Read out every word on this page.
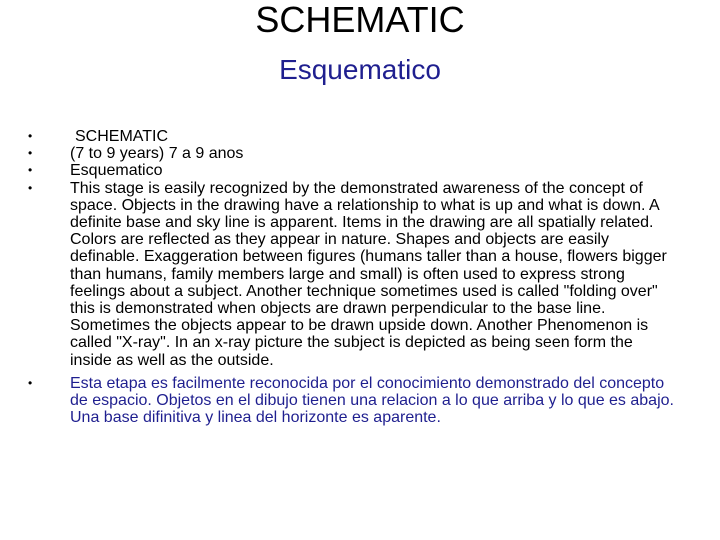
SCHEMATIC
Esquematico
•	SCHEMATIC
• (7 to 9 years) 7 a 9 anos
• Esquematico
• This stage is easily recognized by the demonstrated awareness of the concept of space. Objects in the drawing have a relationship to what is up and what is down. A definite base and sky line is apparent. Items in the drawing are all spatially related. Colors are reflected as they appear in nature. Shapes and objects are easily definable. Exaggeration between figures (humans taller than a house, flowers bigger than humans, family members large and small) is often used to express strong feelings about a subject. Another technique sometimes used is called "folding over" this is demonstrated when objects are drawn perpendicular to the base line. Sometimes the objects appear to be drawn upside down. Another Phenomenon is called "X-ray". In an x-ray picture the subject is depicted as being seen form the inside as well as the outside.
• Esta etapa es facilmente reconocida por el conocimiento demonstrado del concepto de espacio. Objetos en el dibujo tienen una relacion a lo que arriba y lo que es abajo. Una base difinitiva y linea del horizonte es aparente.
